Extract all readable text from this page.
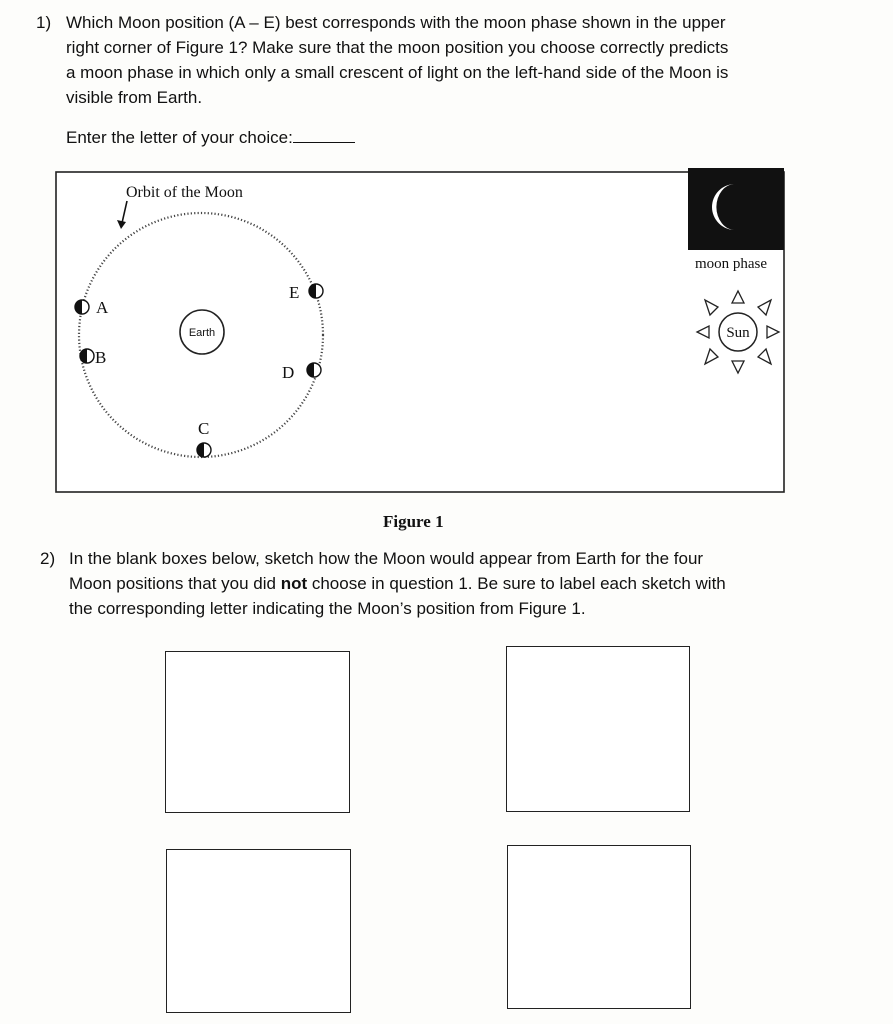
1) Which Moon position (A – E) best corresponds with the moon phase shown in the upper
right corner of Figure 1? Make sure that the moon position you choose correctly predicts
a moon phase in which only a small crescent of light on the left-hand side of the Moon is
visible from Earth.
Enter the letter of your choice:
Orbit of the Moon
Earth
A
B
C
D
E
moon phase
Sun
Figure 1
2) In the blank boxes below, sketch how the Moon would appear from Earth for the four
Moon positions that you did not choose in question 1. Be sure to label each sketch with
the corresponding letter indicating the Moon’s position from Figure 1.
